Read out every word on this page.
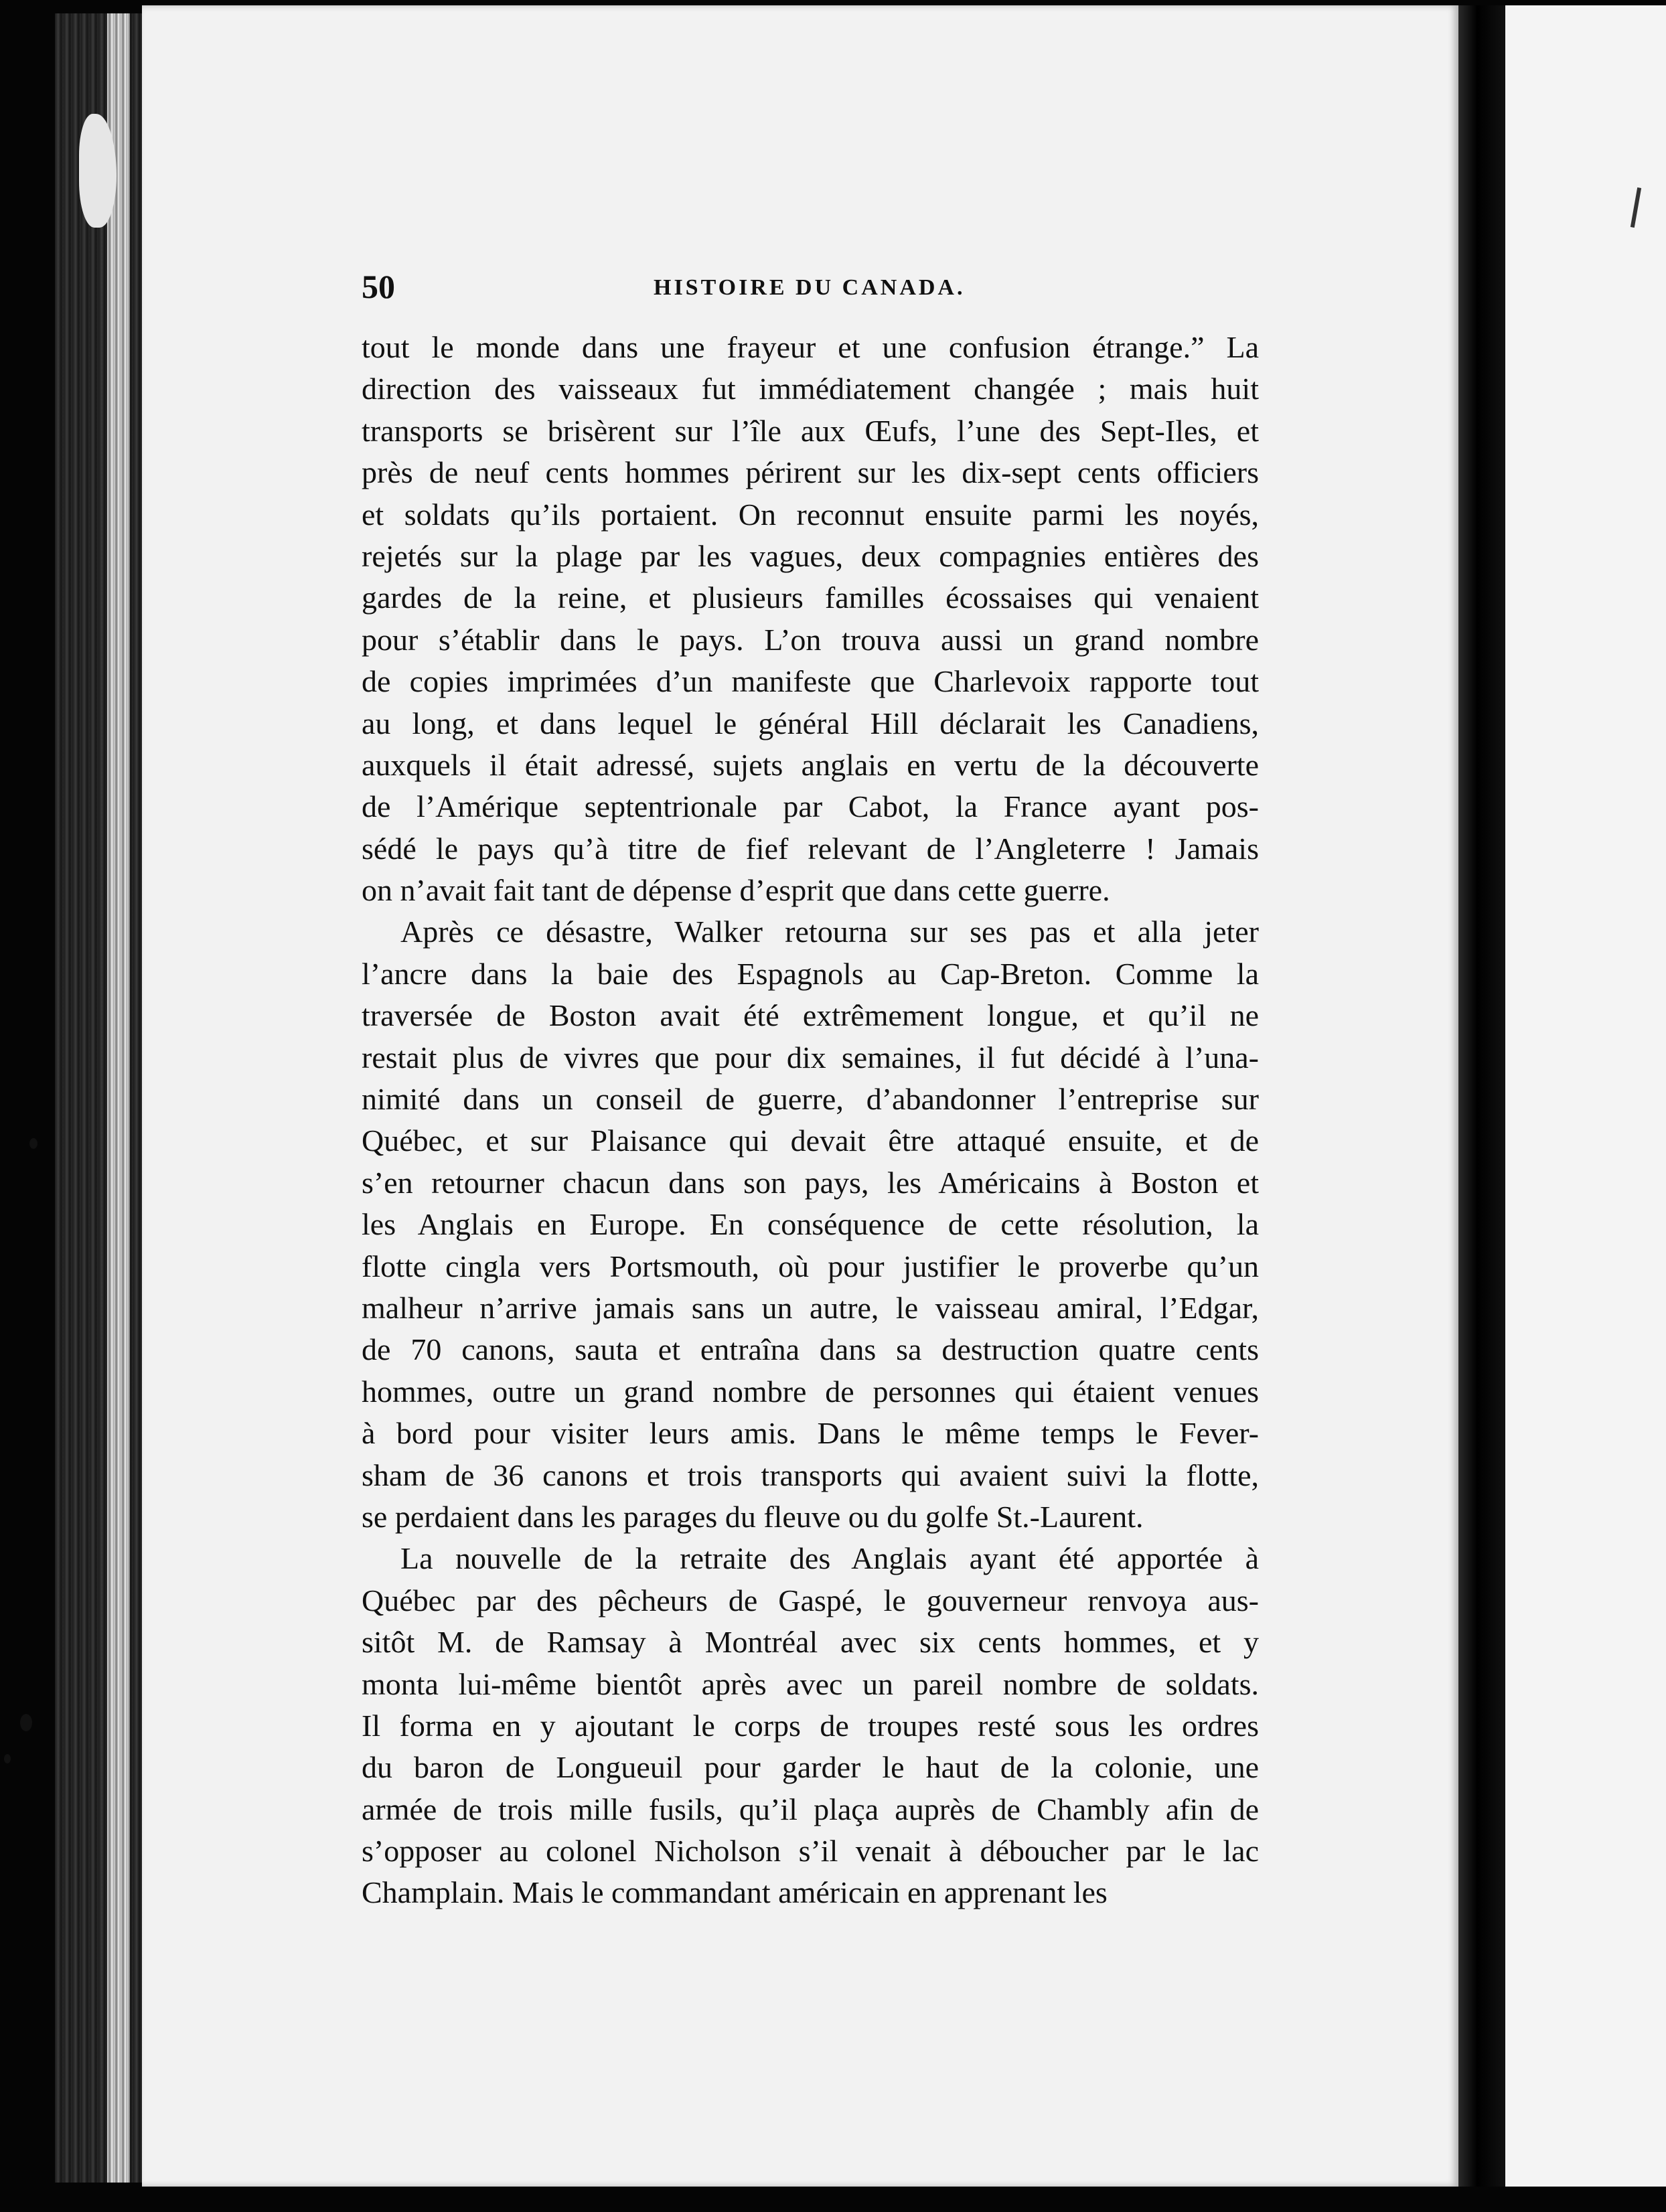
50	HISTOIRE DU CANADA.
tout le monde dans une frayeur et une confusion étrange.” La
direction des vaisseaux fut immédiatement changée ; mais huit
transports se brisèrent sur l’île aux Œufs, l’une des Sept-Iles, et
près de neuf cents hommes périrent sur les dix-sept cents officiers
et soldats qu’ils portaient. On reconnut ensuite parmi les noyés,
rejetés sur la plage par les vagues, deux compagnies entières des
gardes de la reine, et plusieurs familles écossaises qui venaient
pour s’établir dans le pays. L’on trouva aussi un grand nombre
de copies imprimées d’un manifeste que Charlevoix rapporte tout
au long, et dans lequel le général Hill déclarait les Canadiens,
auxquels il était adressé, sujets anglais en vertu de la découverte
de l’Amérique septentrionale par Cabot, la France ayant pos-
sédé le pays qu’à titre de fief relevant de l’Angleterre ! Jamais
on n’avait fait tant de dépense d’esprit que dans cette guerre.
Après ce désastre, Walker retourna sur ses pas et alla jeter
l’ancre dans la baie des Espagnols au Cap-Breton. Comme la
traversée de Boston avait été extrêmement longue, et qu’il ne
restait plus de vivres que pour dix semaines, il fut décidé à l’una-
nimité dans un conseil de guerre, d’abandonner l’entreprise sur
Québec, et sur Plaisance qui devait être attaqué ensuite, et de
s’en retourner chacun dans son pays, les Américains à Boston et
les Anglais en Europe. En conséquence de cette résolution, la
flotte cingla vers Portsmouth, où pour justifier le proverbe qu’un
malheur n’arrive jamais sans un autre, le vaisseau amiral, l’Edgar,
de 70 canons, sauta et entraîna dans sa destruction quatre cents
hommes, outre un grand nombre de personnes qui étaient venues
à bord pour visiter leurs amis. Dans le même temps le Fever-
sham de 36 canons et trois transports qui avaient suivi la flotte,
se perdaient dans les parages du fleuve ou du golfe St.-Laurent.
La nouvelle de la retraite des Anglais ayant été apportée à
Québec par des pêcheurs de Gaspé, le gouverneur renvoya aus-
sitôt M. de Ramsay à Montréal avec six cents hommes, et y
monta lui-même bientôt après avec un pareil nombre de soldats.
Il forma en y ajoutant le corps de troupes resté sous les ordres
du baron de Longueuil pour garder le haut de la colonie, une
armée de trois mille fusils, qu’il plaça auprès de Chambly afin de
s’opposer au colonel Nicholson s’il venait à déboucher par le lac
Champlain. Mais le commandant américain en apprenant les
